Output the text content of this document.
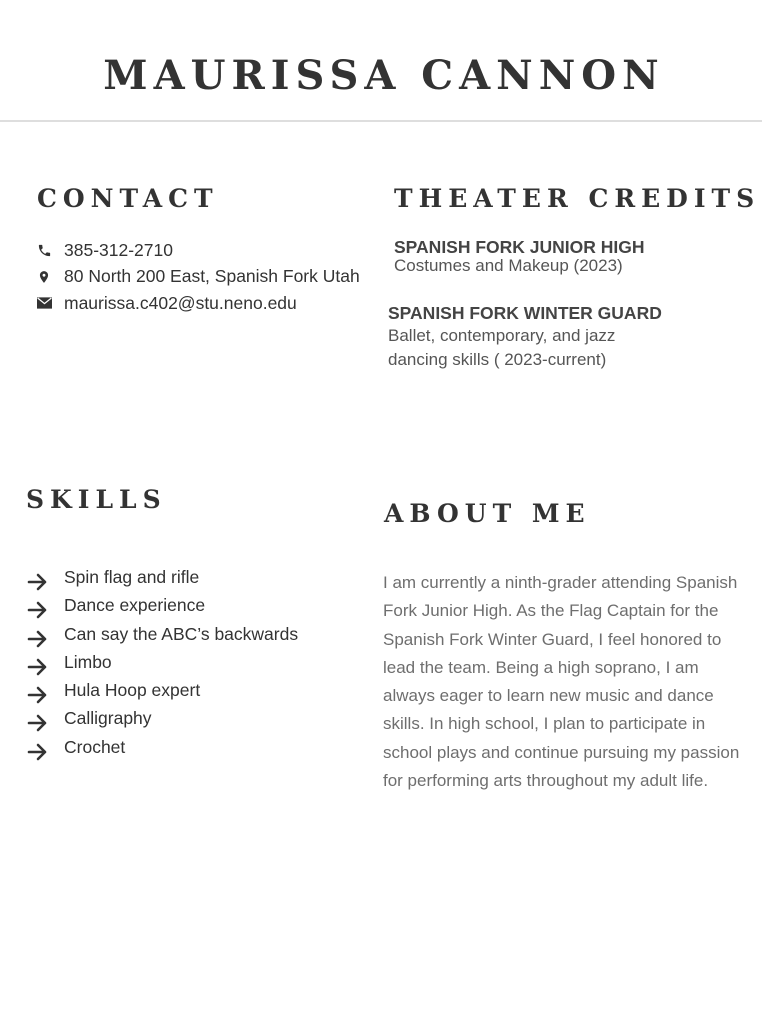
MAURISSA CANNON
CONTACT
385-312-2710
80 North 200 East, Spanish Fork Utah
maurissa.c402@stu.neno.edu
THEATER CREDITS

SPANISH FORK JUNIOR HIGH

Costumes and Makeup (2023)

SPANISH FORK WINTER GUARD

Ballet, contemporary, and jazz

dancing skills ( 2023-current)

SKILLS
Spin flag and rifle
Dance experience
Can say the ABC’s backwards
Limbo
Hula Hoop expert
Calligraphy
Crochet
ABOUT ME

I am currently a ninth-grader attending Spanish Fork Junior High. As the Flag Captain for the Spanish Fork Winter Guard, I feel honored to lead the team. Being a high soprano, I am always eager to learn new music and dance skills. In high school, I plan to participate in school plays and continue pursuing my passion for performing arts throughout my adult life.
